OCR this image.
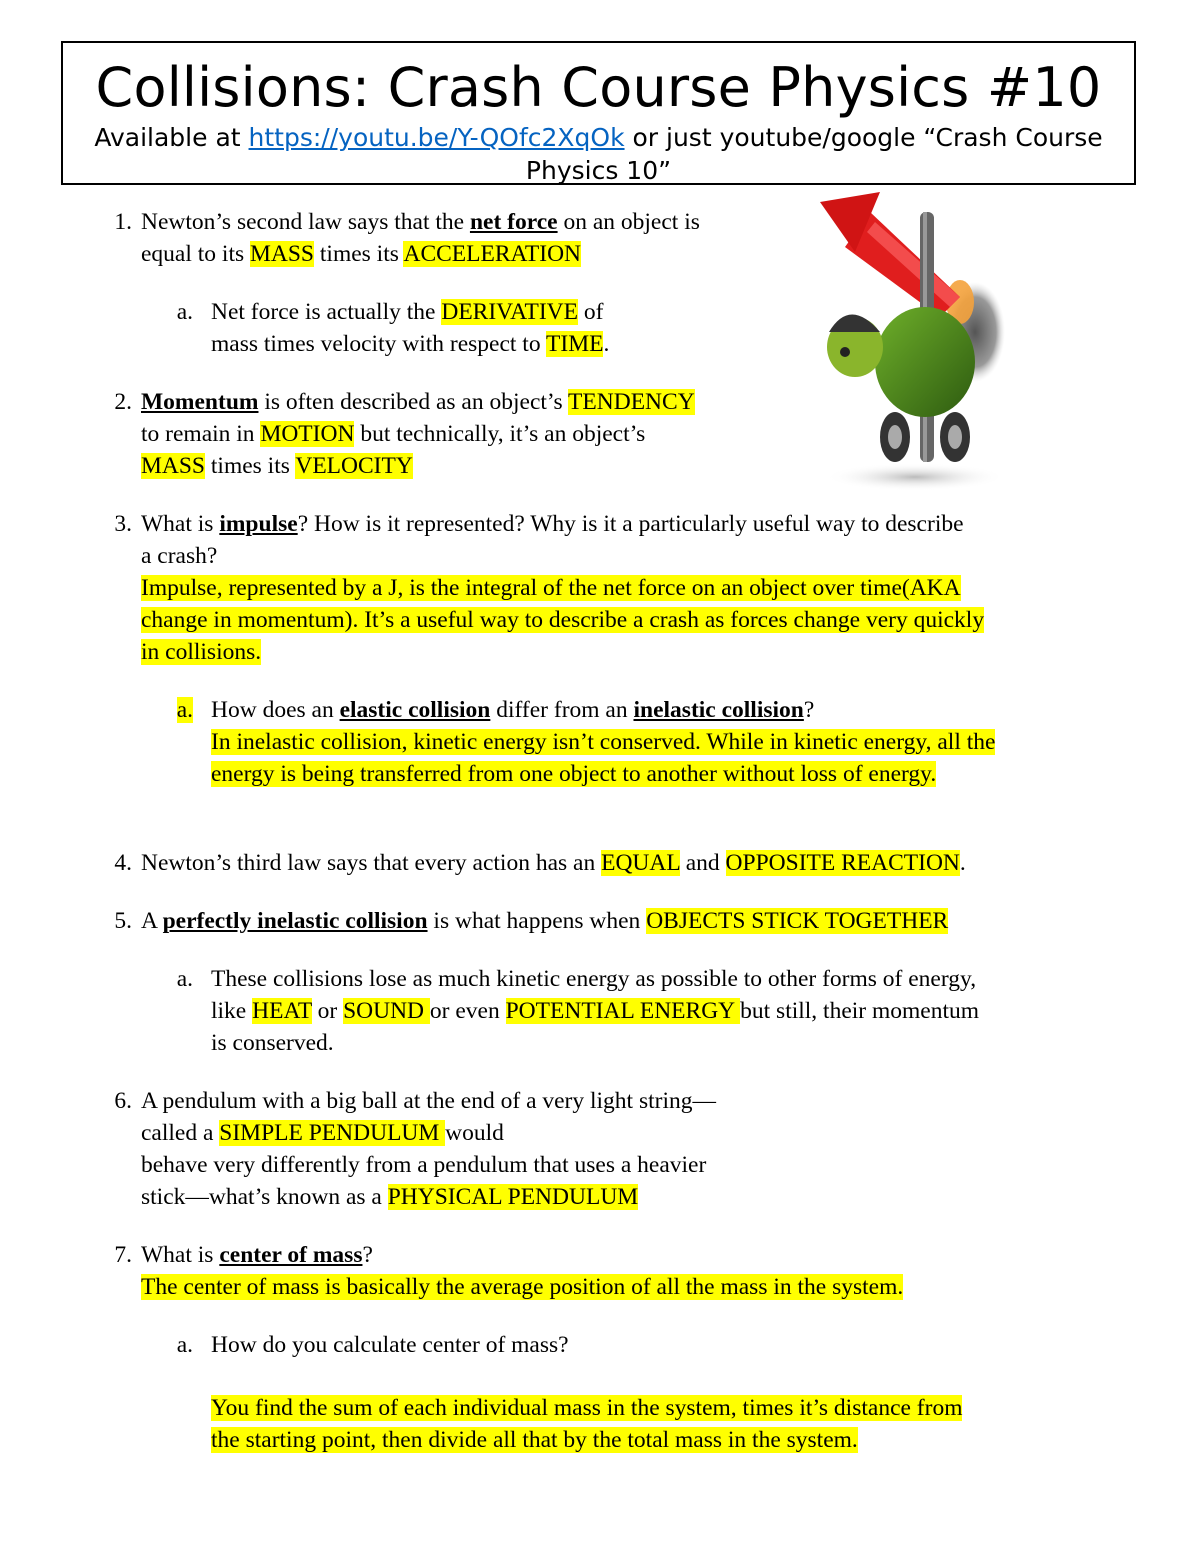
Collisions: Crash Course Physics #10
Available at https://youtu.be/Y-QOfc2XqOk or just youtube/google “Crash Course Physics 10”
1. Newton’s second law says that the net force on an object is
equal to its MASS times its ACCELERATION
a. Net force is actually the DERIVATIVE of
mass times velocity with respect to TIME.
2. Momentum is often described as an object’s TENDENCY
to remain in MOTION but technically, it’s an object’s
MASS times its VELOCITY
3. What is impulse? How is it represented? Why is it a particularly useful way to describe
a crash?
Impulse, represented by a J, is the integral of the net force on an object over time(AKA
change in momentum). It’s a useful way to describe a crash as forces change very quickly
in collisions.
a. How does an elastic collision differ from an inelastic collision?
In inelastic collision, kinetic energy isn’t conserved. While in kinetic energy, all the
energy is being transferred from one object to another without loss of energy.
4. Newton’s third law says that every action has an EQUAL and OPPOSITE REACTION.
5. A perfectly inelastic collision is what happens when OBJECTS STICK TOGETHER
a. These collisions lose as much kinetic energy as possible to other forms of energy,
like HEAT or SOUND or even POTENTIAL ENERGY but still, their momentum
is conserved.
6. A pendulum with a big ball at the end of a very light string—
called a SIMPLE PENDULUM would
behave very differently from a pendulum that uses a heavier
stick—what’s known as a PHYSICAL PENDULUM
7. What is center of mass?
The center of mass is basically the average position of all the mass in the system.
a. How do you calculate center of mass?
You find the sum of each individual mass in the system, times it’s distance from
the starting point, then divide all that by the total mass in the system.
